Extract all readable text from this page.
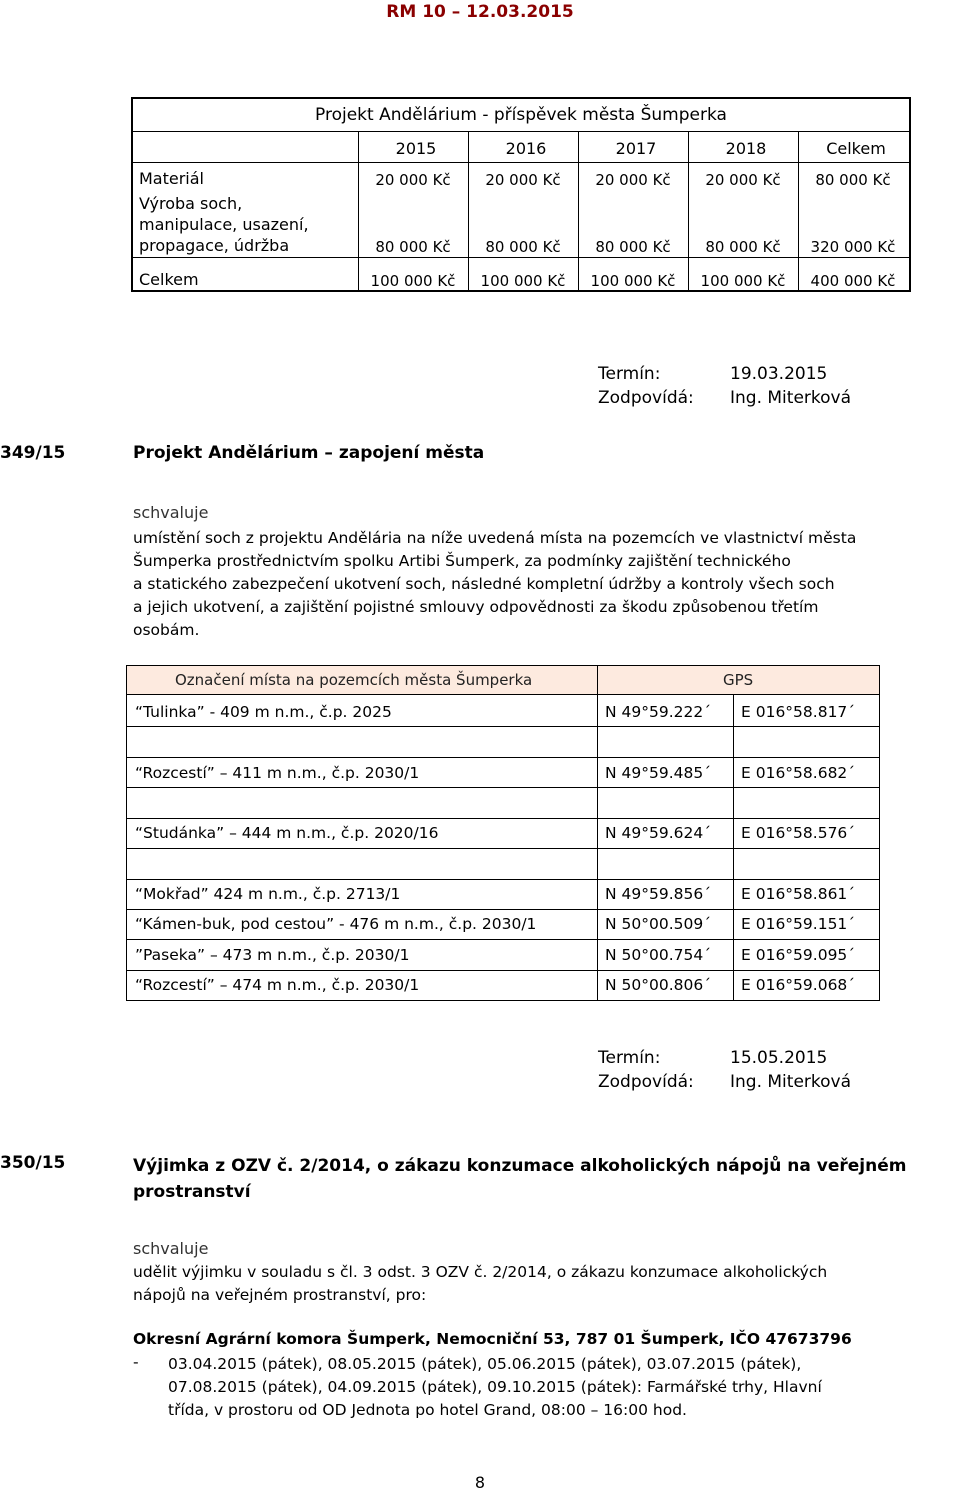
RM 10 – 12.03.2015
Projekt Andělárium - příspěvek města Šumperka
2015	2016	2017	2018	Celkem
Materiál	20 000 Kč	20 000 Kč	20 000 Kč	20 000 Kč	80 000 Kč
Výroba soch,
manipulace, usazení,
propagace, údržba	80 000 Kč	80 000 Kč	80 000 Kč	80 000 Kč	320 000 Kč
Celkem	100 000 Kč	100 000 Kč	100 000 Kč	100 000 Kč	400 000 Kč
Termín:	19.03.2015
Zodpovídá: Ing. Miterková
349/15	Projekt Andělárium – zapojení města
schvaluje
umístění soch z projektu Andělária na níže uvedená místa na pozemcích ve vlastnictví města
Šumperka prostřednictvím spolku Artibi Šumperk, za podmínky zajištění technického
a statického zabezpečení ukotvení soch, následné kompletní údržby a kontroly všech soch
a jejich ukotvení, a zajištění pojistné smlouvy odpovědnosti za škodu způsobenou třetím
osobám.
Označení místa na pozemcích města Šumperka	GPS
“Tulinka” - 409 m n.m., č.p. 2025	N 49°59.222´ E 016°58.817´
“Rozcestí” – 411 m n.m., č.p. 2030/1	N 49°59.485´ E 016°58.682´
“Studánka” – 444 m n.m., č.p. 2020/16	N 49°59.624´ E 016°58.576´
“Mokřad” 424 m n.m., č.p. 2713/1	N 49°59.856´ E 016°58.861´
“Kámen-buk, pod cestou” - 476 m n.m., č.p. 2030/1	N 50°00.509´ E 016°59.151´
”Paseka” – 473 m n.m., č.p. 2030/1	N 50°00.754´ E 016°59.095´
“Rozcestí” – 474 m n.m., č.p. 2030/1	N 50°00.806´ E 016°59.068´
Termín:	15.05.2015
Zodpovídá: Ing. Miterková
350/15	Výjimka z OZV č. 2/2014, o zákazu konzumace alkoholických nápojů na veřejném
prostranství
schvaluje
udělit výjimku v souladu s čl. 3 odst. 3 OZV č. 2/2014, o zákazu konzumace alkoholických
nápojů na veřejném prostranství, pro:
Okresní Agrární komora Šumperk, Nemocniční 53, 787 01 Šumperk, IČO 47673796
- 03.04.2015 (pátek), 08.05.2015 (pátek), 05.06.2015 (pátek), 03.07.2015 (pátek),
07.08.2015 (pátek), 04.09.2015 (pátek), 09.10.2015 (pátek): Farmářské trhy, Hlavní
třída, v prostoru od OD Jednota po hotel Grand, 08:00 – 16:00 hod.
8
